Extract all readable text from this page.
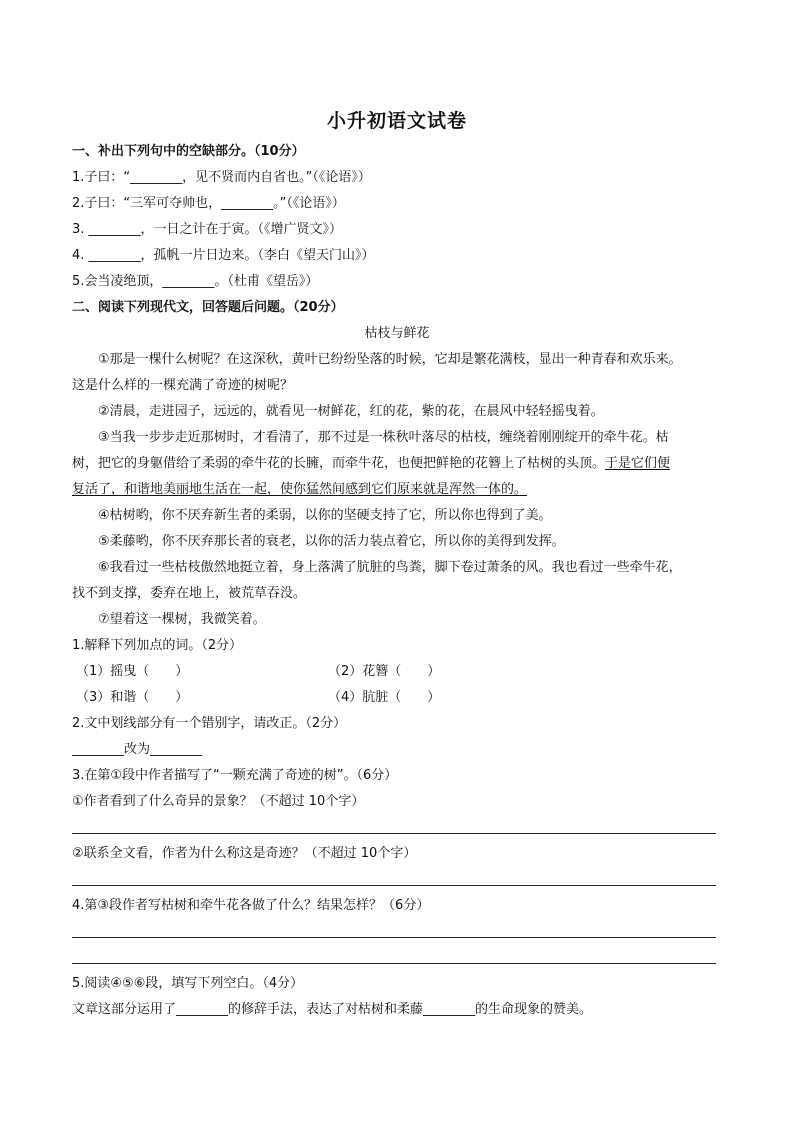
小升初语文试卷
一、补出下列句中的空缺部分。（10分）
1.子曰：“________，见不贤而内自省也。”（《论语》）
2.子曰：“三军可夺帅也，________。”（《论语》）
3. ________，一日之计在于寅。（《增广贤文》）
4. ________，孤帆一片日边来。（李白《望天门山》）
5.会当凌绝顶，________。（杜甫《望岳》）
二、阅读下列现代文，回答题后问题。（20分）
枯枝与鲜花
①那是一棵什么树呢？在这深秋，黄叶已纷纷坠落的时候，它却是繁花满枝，显出一种青春和欢乐来。
这是什么样的一棵充满了奇迹的树呢？
②清晨，走进园子，远远的，就看见一树鲜花，红的花，紫的花，在晨风中轻轻摇曳着。
③当我一步步走近那树时，才看清了，那不过是一株秋叶落尽的枯枝，缠绕着刚刚绽开的牵牛花。枯
树，把它的身躯借给了柔弱的牵牛花的长臃，而牵牛花，也便把鲜艳的花簪上了枯树的头顶。于是它们便
复活了，和谐地美丽地生活在一起，使你猛然间感到它们原来就是浑然一体的。
④枯树哟，你不厌弃新生者的柔弱，以你的坚硬支持了它，所以你也得到了美。
⑤柔藤哟，你不厌弃那长者的衰老，以你的活力装点着它，所以你的美得到发挥。
⑥我看过一些枯枝傲然地挺立着，身上落满了肮脏的鸟粪，脚下卷过萧条的风。我也看过一些牵牛花，
找不到支撑，委弃在地上，被荒草吞没。
⑦望着这一棵树，我微笑着。
1.解释下列加点的词。（2分）
（1）摇曳（　　）	（2）花簪（　　）
（3）和谐（　　）	（4）肮脏（　　）
2.文中划线部分有一个错别字，请改正。（2分）
________改为________
3.在第①段中作者描写了“一颗充满了奇迹的树”。（6分）
①作者看到了什么奇异的景象？（不超过 10个字）
②联系全文看，作者为什么称这是奇迹？（不超过 10个字）
4.第③段作者写枯树和牵牛花各做了什么？结果怎样？（6分）
5.阅读④⑤⑥段，填写下列空白。（4分）
文章这部分运用了________的修辞手法，表达了对枯树和柔藤________的生命现象的赞美。
